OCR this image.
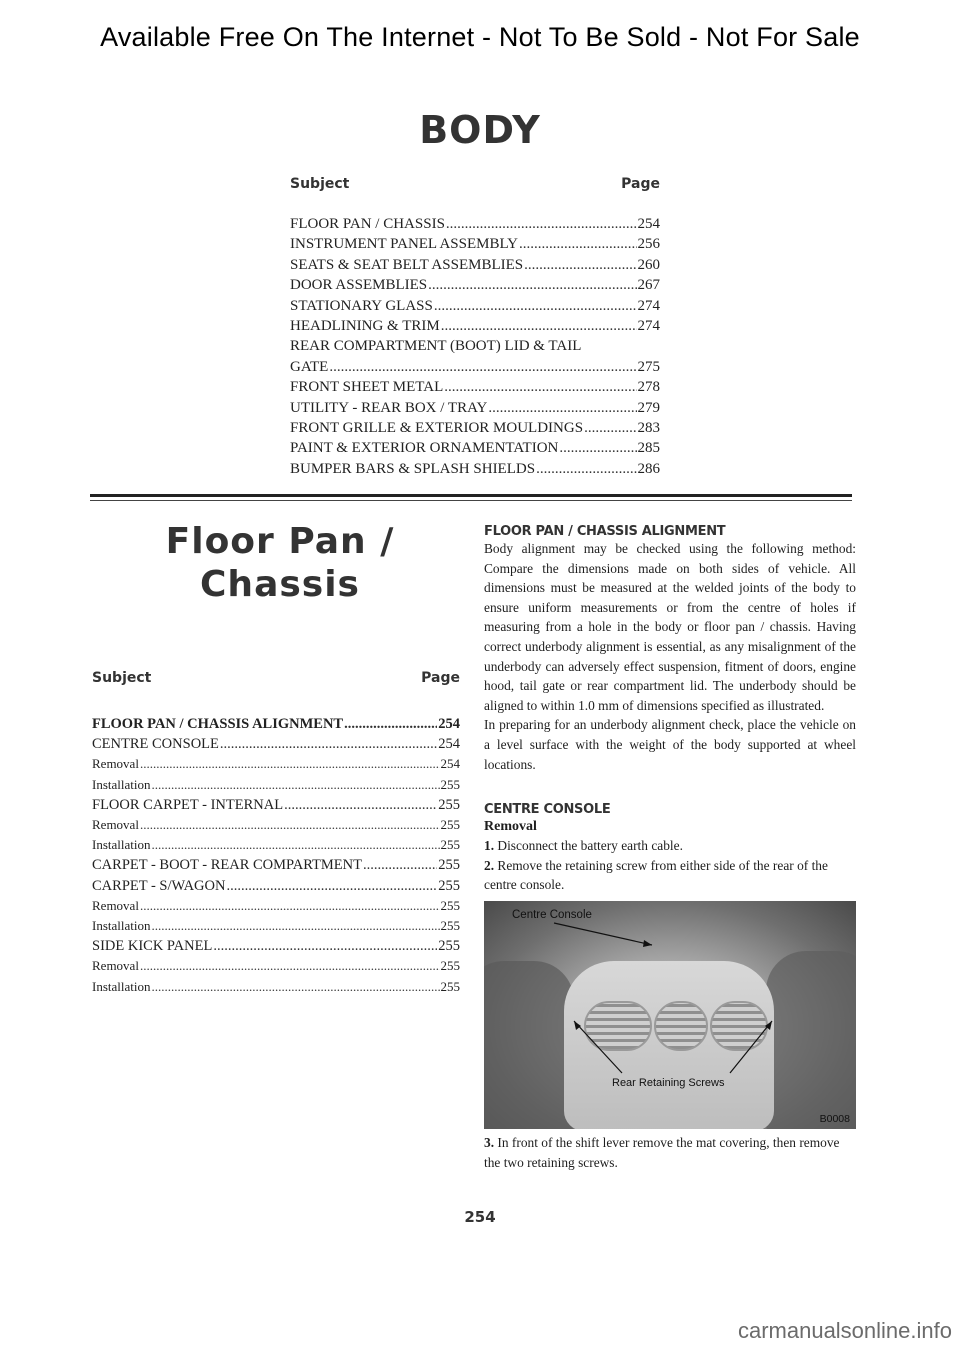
Available Free On The Internet - Not To Be Sold - Not For Sale
BODY
Subject	Page
FLOOR PAN / CHASSIS .....	254
INSTRUMENT PANEL ASSEMBLY .....	256
SEATS & SEAT BELT ASSEMBLIES .....	260
DOOR ASSEMBLIES .....	267
STATIONARY GLASS .....	274
HEADLINING & TRIM .....	274
REAR COMPARTMENT (BOOT) LID & TAIL
GATE .....	275
FRONT SHEET METAL .....	278
UTILITY - REAR BOX / TRAY .....	279
FRONT GRILLE & EXTERIOR MOULDINGS .....	283
PAINT & EXTERIOR ORNAMENTATION .....	285
BUMPER BARS & SPLASH SHIELDS .....	286
Floor Pan /
Chassis
Subject	Page
FLOOR PAN / CHASSIS ALIGNMENT .....	254
CENTRE CONSOLE .....	254
Removal .....	254
Installation .....	255
FLOOR CARPET - INTERNAL .....	255
Removal .....	255
Installation .....	255
CARPET - BOOT - REAR COMPARTMENT .....	255
CARPET - S/WAGON .....	255
Removal .....	255
Installation .....	255
SIDE KICK PANEL .....	255
Removal .....	255
Installation .....	255
FLOOR PAN / CHASSIS ALIGNMENT

Body alignment may be checked using the following method: Compare the dimensions made on both sides of vehicle. All dimensions must be measured at the welded joints of the body to ensure uniform measurements or from the centre of holes if measuring from a hole in the body or floor pan / chassis. Having correct underbody alignment is essential, as any misalignment of the underbody can adversely effect suspension, fitment of doors, engine hood, tail gate or rear compartment lid. The underbody should be aligned to within 1.0 mm of dimensions specified as illustrated.

In preparing for an underbody alignment check, place the vehicle on a level surface with the weight of the body supported at wheel locations.

CENTRE CONSOLE
Removal

1. Disconnect the battery earth cable.

2. Remove the retaining screw from either side of the rear of the centre console.

Centre Console
Rear Retaining Screws
B0008

3. In front of the shift lever remove the mat covering, then remove the two retaining screws.

254
carmanualsonline.info
